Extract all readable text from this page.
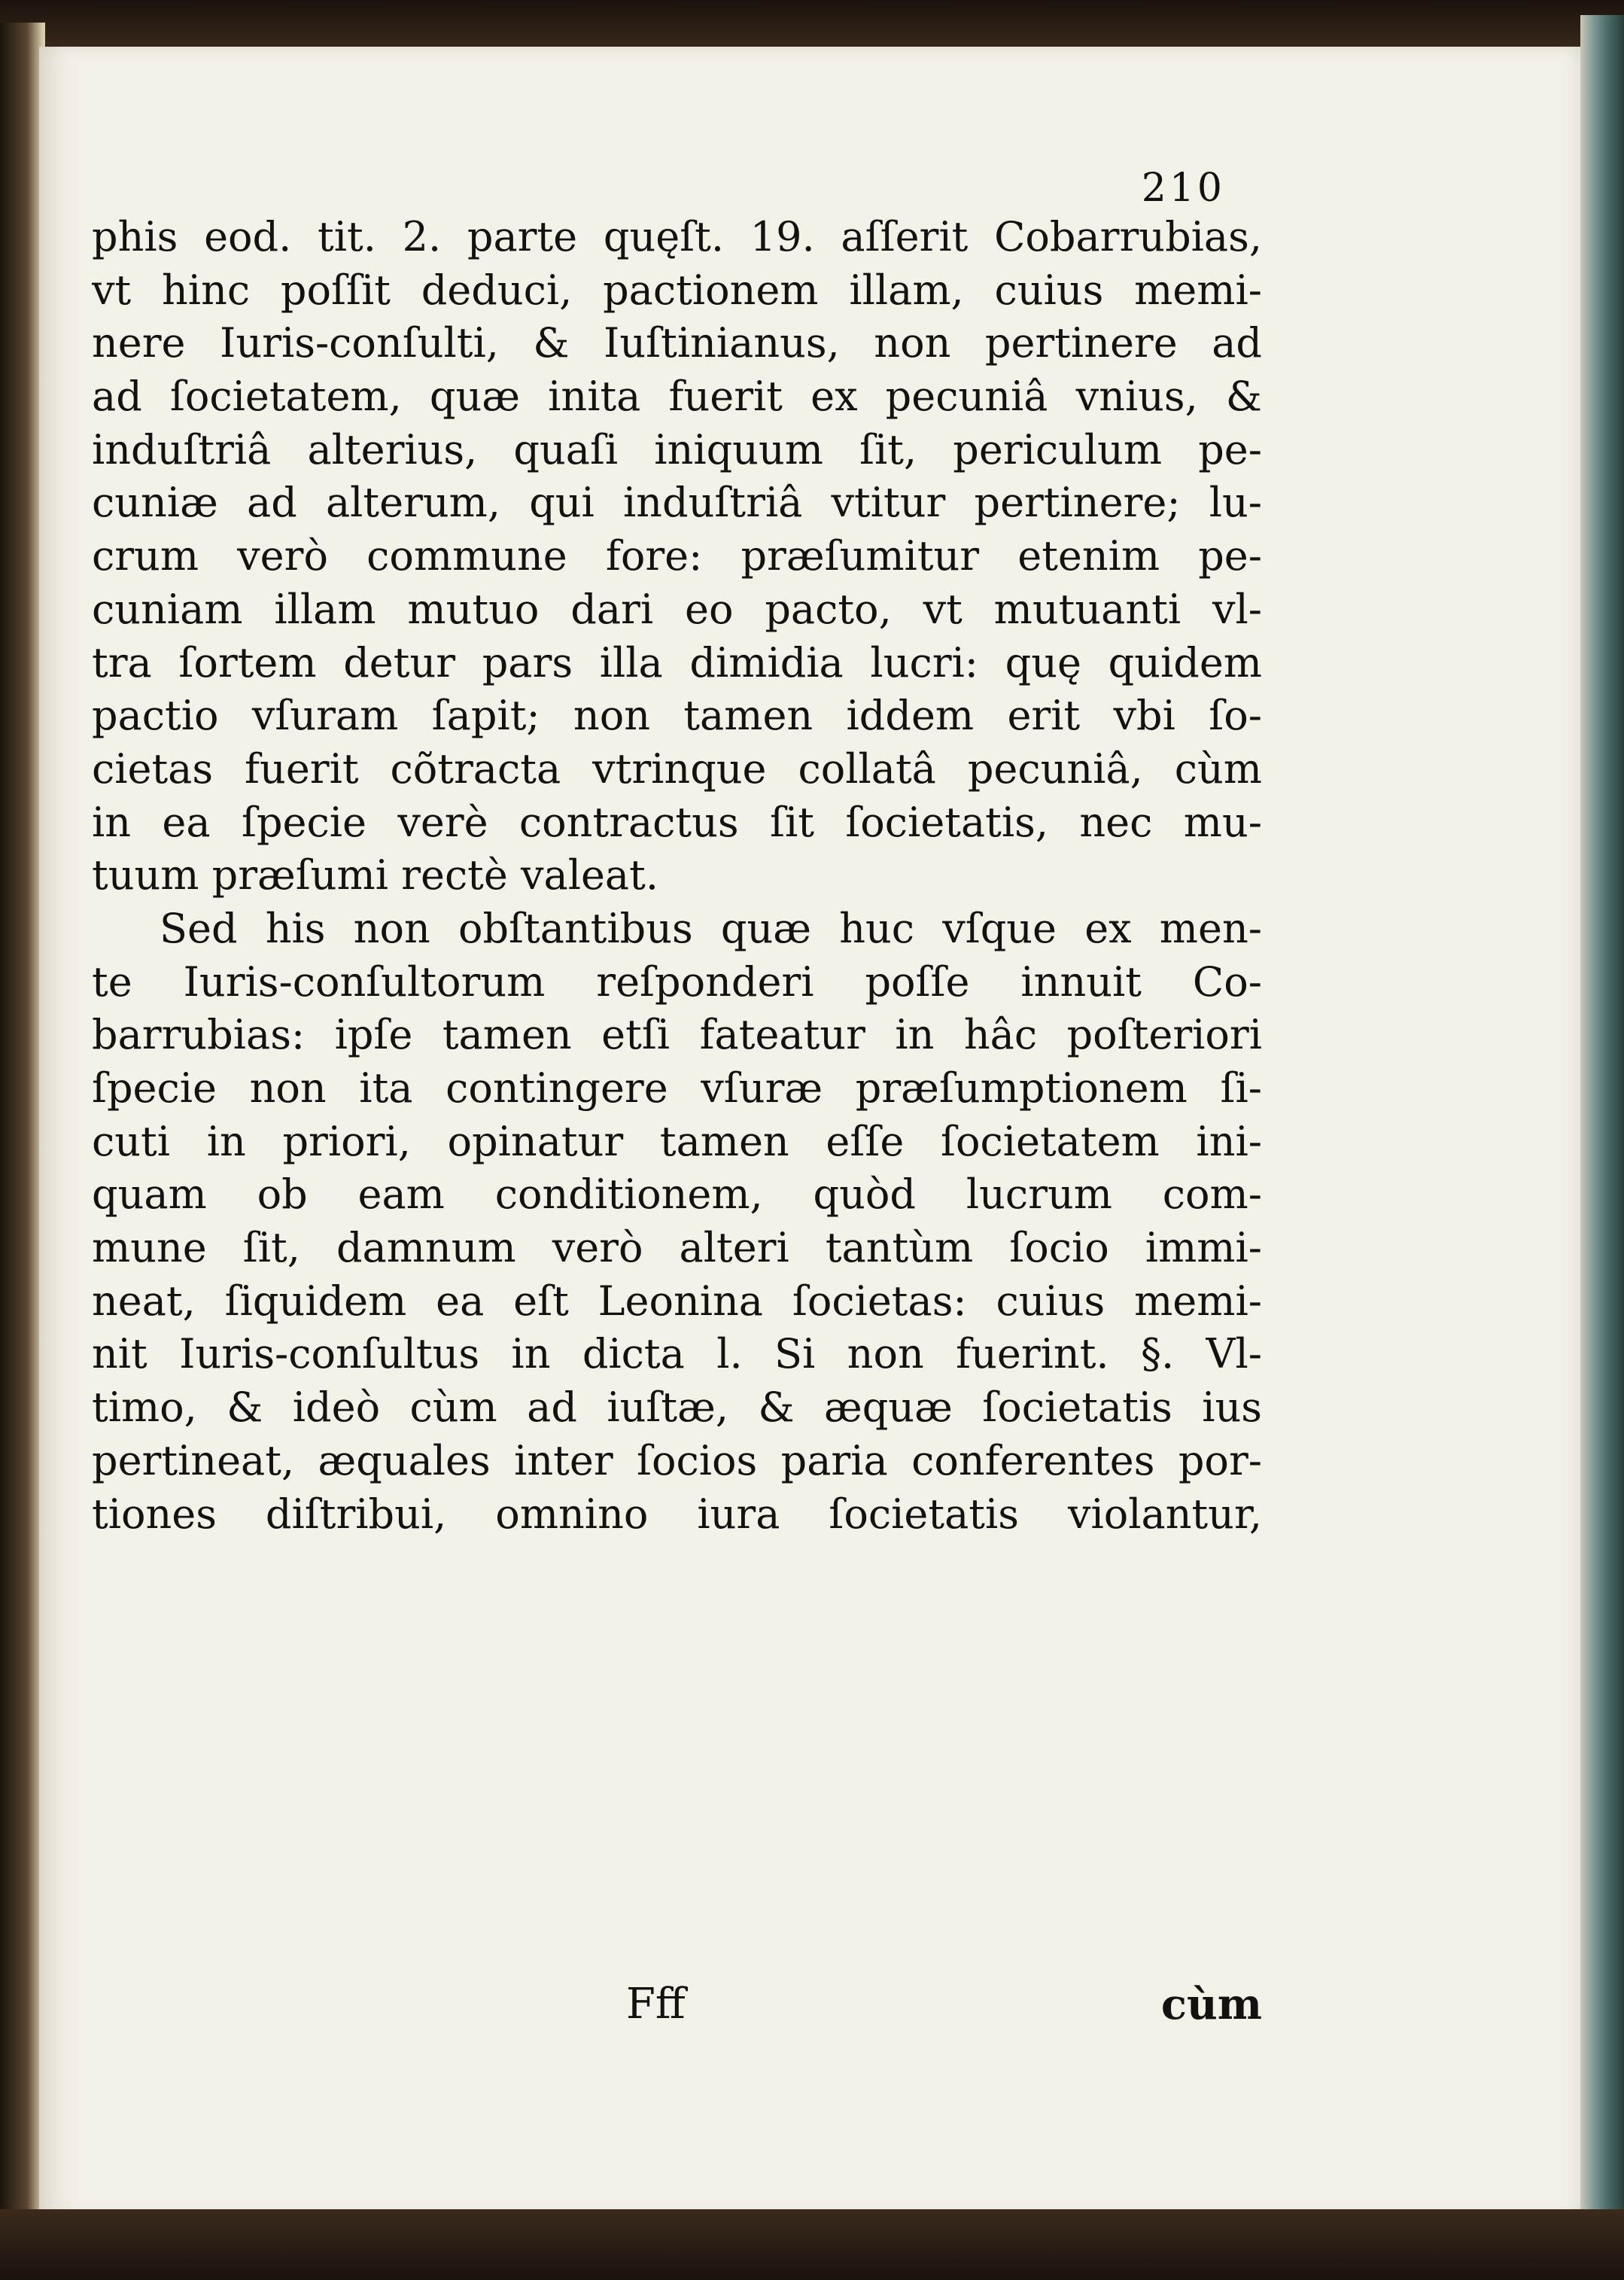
210
phis eod. tit. 2. parte quęſt. 19. aſſerit Cobarrubias,
vt hinc poſſit deduci, pactionem illam, cuius memi-
nere Iuris-conſulti, & Iuſtinianus, non pertinere ad
ad ſocietatem, quæ inita fuerit ex pecuniâ vnius, &
induſtriâ alterius, quaſi iniquum ſit, periculum pe-
cuniæ ad alterum, qui induſtriâ vtitur pertinere; lu-
crum verò commune fore: præſumitur etenim pe-
cuniam illam mutuo dari eo pacto, vt mutuanti vl-
tra ſortem detur pars illa dimidia lucri: quę quidem
pactio vſuram ſapit; non tamen iddem erit vbi ſo-
cietas fuerit cõtracta vtrinque collatâ pecuniâ, cùm
in ea ſpecie verè contractus ſit ſocietatis, nec mu-
tuum præſumi rectè valeat.
Sed his non obſtantibus quæ huc vſque ex men-
te Iuris-conſultorum reſponderi poſſe innuit Co-
barrubias: ipſe tamen etſi fateatur in hâc poſteriori
ſpecie non ita contingere vſuræ præſumptionem ſi-
cuti in priori, opinatur tamen eſſe ſocietatem ini-
quam ob eam conditionem, quòd lucrum com-
mune ſit, damnum verò alteri tantùm ſocio immi-
neat, ſiquidem ea eſt Leonina ſocietas: cuius memi-
nit Iuris-conſultus in dicta l. Si non fuerint. §. Vl-
timo, & ideò cùm ad iuſtæ, & æquæ ſocietatis ius
pertineat, æquales inter ſocios paria conferentes por-
tiones diſtribui, omnino iura ſocietatis violantur,
Fff	cùm
